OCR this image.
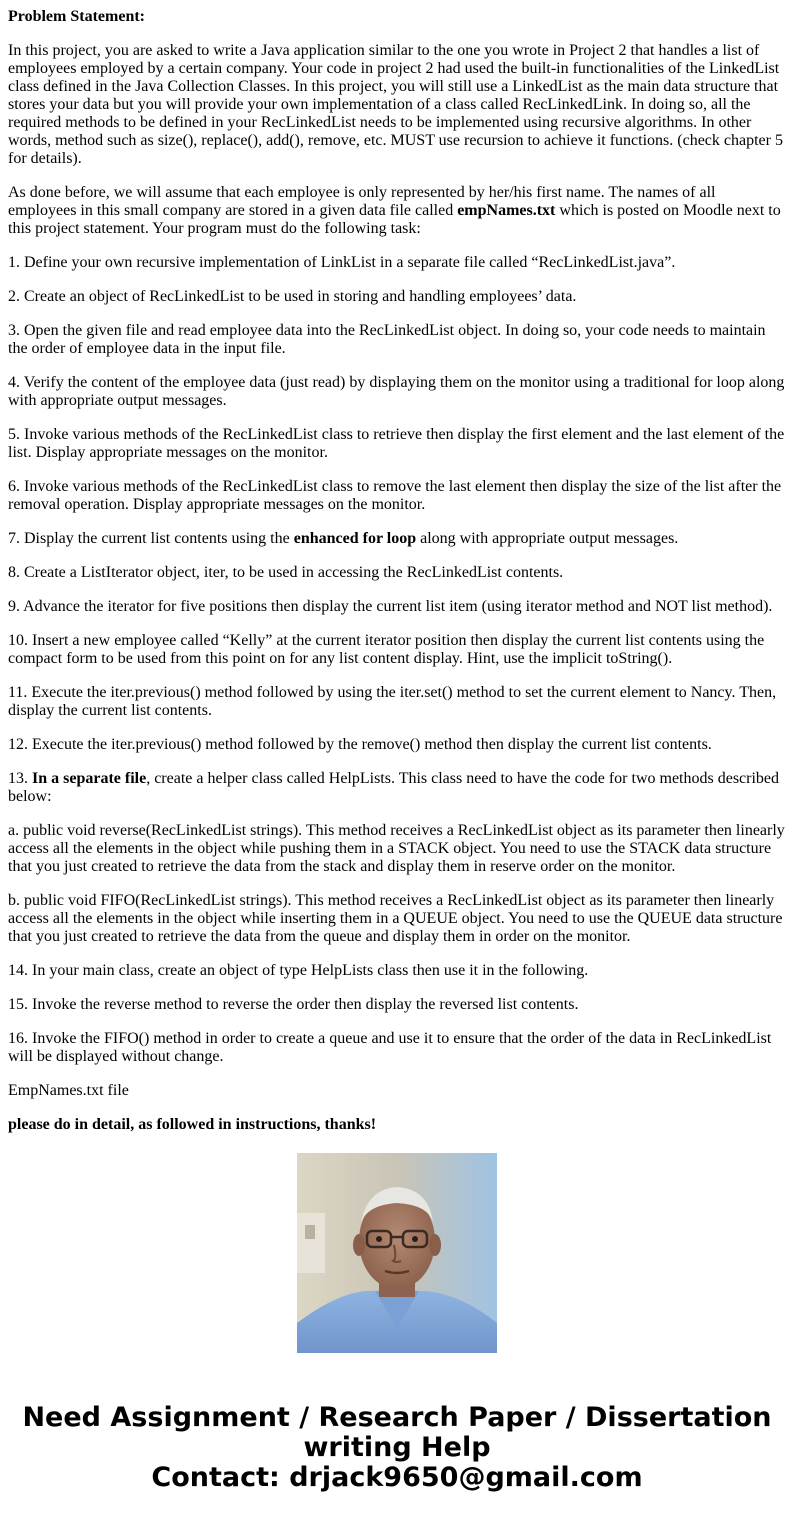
Problem Statement:

In this project, you are asked to write a Java application similar to the one you wrote in Project 2 that handles a list of employees employed by a certain company. Your code in project 2 had used the built-in functionalities of the LinkedList class defined in the Java Collection Classes. In this project, you will still use a LinkedList as the main data structure that stores your data but you will provide your own implementation of a class called RecLinkedLink. In doing so, all the required methods to be defined in your RecLinkedList needs to be implemented using recursive algorithms. In other words, method such as size(), replace(), add(), remove, etc. MUST use recursion to achieve it functions. (check chapter 5 for details).

As done before, we will assume that each employee is only represented by her/his first name. The names of all employees in this small company are stored in a given data file called empNames.txt which is posted on Moodle next to this project statement. Your program must do the following task:

1. Define your own recursive implementation of LinkList in a separate file called “RecLinkedList.java”.

2. Create an object of RecLinkedList to be used in storing and handling employees’ data.

3. Open the given file and read employee data into the RecLinkedList object. In doing so, your code needs to maintain the order of employee data in the input file.

4. Verify the content of the employee data (just read) by displaying them on the monitor using a traditional for loop along with appropriate output messages.

5. Invoke various methods of the RecLinkedList class to retrieve then display the first element and the last element of the list. Display appropriate messages on the monitor.

6. Invoke various methods of the RecLinkedList class to remove the last element then display the size of the list after the removal operation. Display appropriate messages on the monitor.

7. Display the current list contents using the enhanced for loop along with appropriate output messages.

8. Create a ListIterator object, iter, to be used in accessing the RecLinkedList contents.

9. Advance the iterator for five positions then display the current list item (using iterator method and NOT list method).

10. Insert a new employee called “Kelly” at the current iterator position then display the current list contents using the compact form to be used from this point on for any list content display. Hint, use the implicit toString().

11. Execute the iter.previous() method followed by using the iter.set() method to set the current element to Nancy. Then, display the current list contents.

12. Execute the iter.previous() method followed by the remove() method then display the current list contents.

13. In a separate file, create a helper class called HelpLists. This class need to have the code for two methods described below:

a. public void reverse(RecLinkedList strings). This method receives a RecLinkedList object as its parameter then linearly access all the elements in the object while pushing them in a STACK object. You need to use the STACK data structure that you just created to retrieve the data from the stack and display them in reserve order on the monitor.

b. public void FIFO(RecLinkedList strings). This method receives a RecLinkedList object as its parameter then linearly access all the elements in the object while inserting them in a QUEUE object. You need to use the QUEUE data structure that you just created to retrieve the data from the queue and display them in order on the monitor.

14. In your main class, create an object of type HelpLists class then use it in the following.

15. Invoke the reverse method to reverse the order then display the reversed list contents.

16. Invoke the FIFO() method in order to create a queue and use it to ensure that the order of the data in RecLinkedList will be displayed without change.

EmpNames.txt file

please do in detail, as followed in instructions, thanks!

Need Assignment / Research Paper / Dissertation
writing Help
Contact: drjack9650@gmail.com
